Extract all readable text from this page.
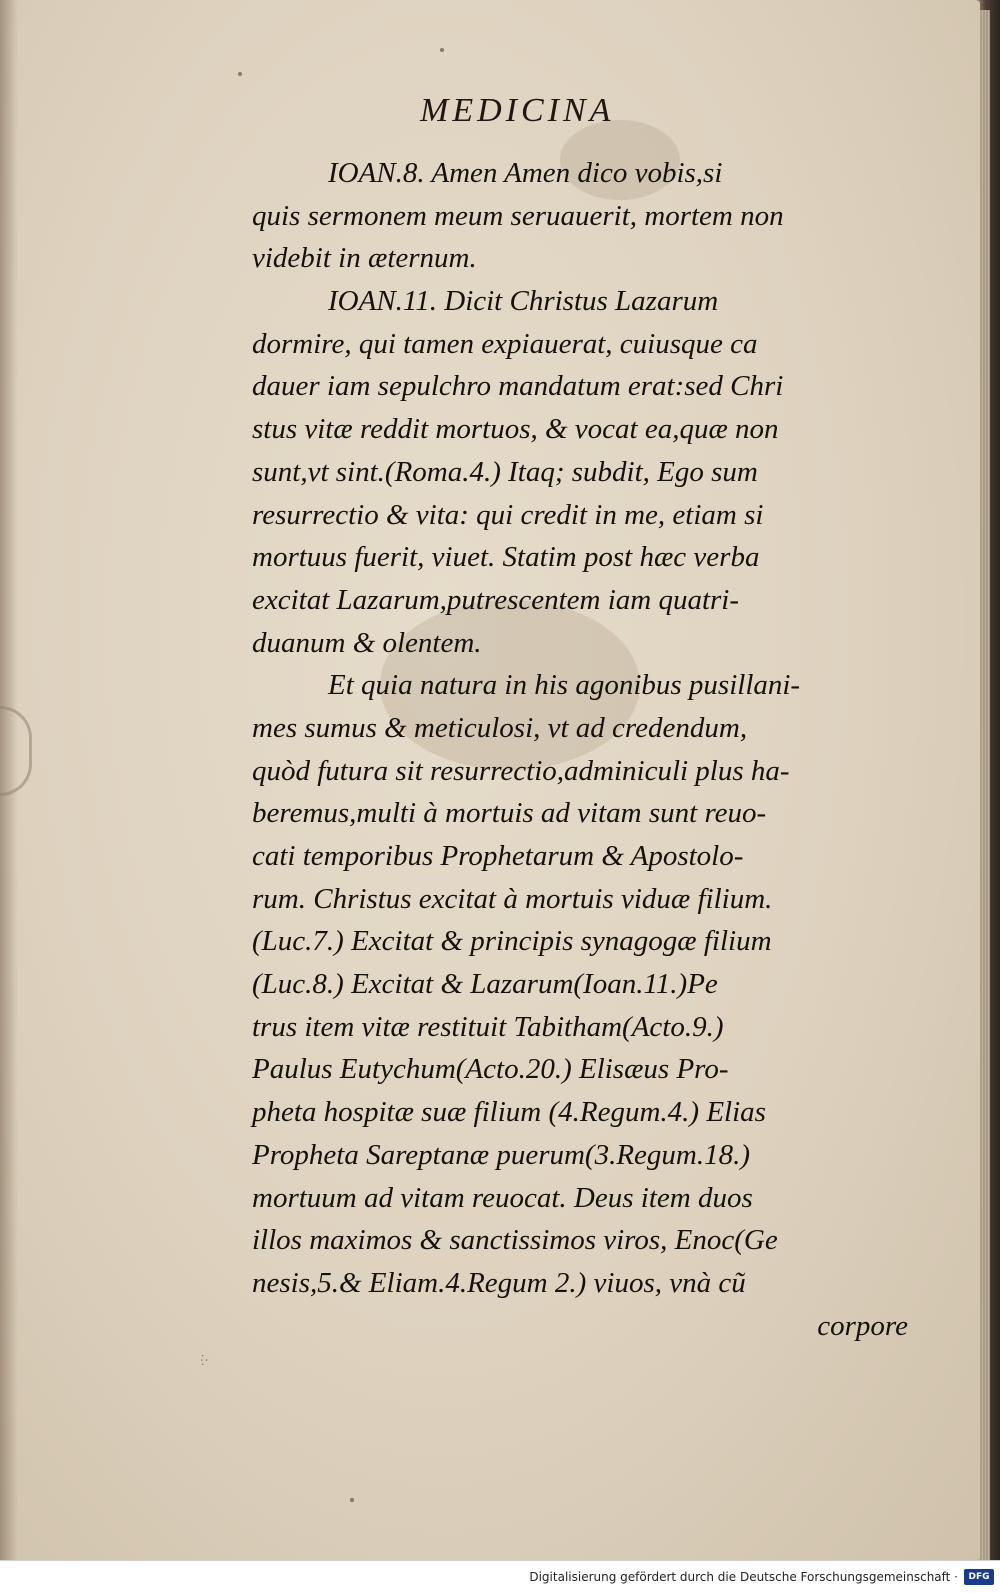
MEDICINA
IOAN.8. Amen Amen dico vobis,si
quis sermonem meum seruauerit, mortem non
videbit in æternum.
IOAN.11. Dicit Christus Lazarum
dormire, qui tamen expiauerat, cuiusque ca
dauer iam sepulchro mandatum erat:sed Chri
stus vitæ reddit mortuos, & vocat ea,quæ non
sunt,vt sint.(Roma.4.) Itaq; subdit, Ego sum
resurrectio & vita: qui credit in me, etiam si
mortuus fuerit, viuet. Statim post hæc verba
excitat Lazarum,putrescentem iam quatri-
duanum & olentem.
Et quia natura in his agonibus pusillani-
mes sumus & meticulosi, vt ad credendum,
quòd futura sit resurrectio,adminiculi plus ha-
beremus,multi à mortuis ad vitam sunt reuo-
cati temporibus Prophetarum & Apostolo-
rum. Christus excitat à mortuis viduæ filium.
(Luc.7.) Excitat & principis synagogæ filium
(Luc.8.) Excitat & Lazarum(Ioan.11.)Pe
trus item vitæ restituit Tabitham(Acto.9.)
Paulus Eutychum(Acto.20.) Elisæus Pro-
pheta hospitæ suæ filium (4.Regum.4.) Elias
Propheta Sareptanæ puerum(3.Regum.18.)
mortuum ad vitam reuocat. Deus item duos
illos maximos & sanctissimos viros, Enoc(Ge
nesis,5.& Eliam.4.Regum 2.) viuos, vnà cũ
corpore
·:·
Digitalisierung gefördert durch die Deutsche Forschungsgemeinschaft ·	DFG
